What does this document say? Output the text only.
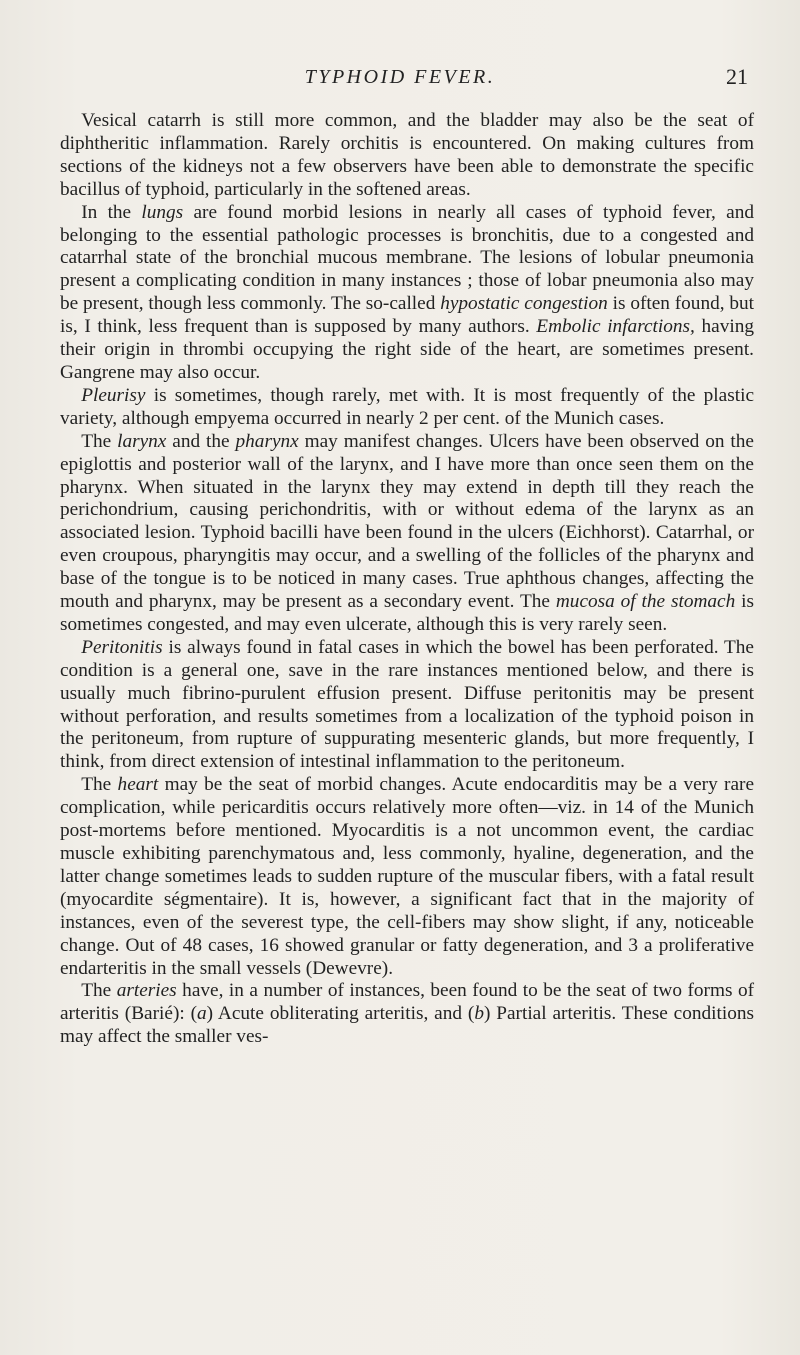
TYPHOID FEVER.	21

Vesical catarrh is still more common, and the bladder may also be the seat of diphtheritic inflammation. Rarely orchitis is encountered. On making cultures from sections of the kidneys not a few observers have been able to demonstrate the specific bacillus of typhoid, particularly in the softened areas.

In the lungs are found morbid lesions in nearly all cases of typhoid fever, and belonging to the essential pathologic processes is bronchitis, due to a congested and catarrhal state of the bronchial mucous membrane. The lesions of lobular pneumonia present a complicating condition in many instances ; those of lobar pneumonia also may be present, though less commonly. The so-called hypostatic congestion is often found, but is, I think, less frequent than is supposed by many authors. Embolic infarctions, having their origin in thrombi occupying the right side of the heart, are sometimes present. Gangrene may also occur.

Pleurisy is sometimes, though rarely, met with. It is most frequently of the plastic variety, although empyema occurred in nearly 2 per cent. of the Munich cases.

The larynx and the pharynx may manifest changes. Ulcers have been observed on the epiglottis and posterior wall of the larynx, and I have more than once seen them on the pharynx. When situated in the larynx they may extend in depth till they reach the perichondrium, causing perichondritis, with or without edema of the larynx as an associated lesion. Typhoid bacilli have been found in the ulcers (Eichhorst). Catarrhal, or even croupous, pharyngitis may occur, and a swelling of the follicles of the pharynx and base of the tongue is to be noticed in many cases. True aphthous changes, affecting the mouth and pharynx, may be present as a secondary event. The mucosa of the stomach is sometimes congested, and may even ulcerate, although this is very rarely seen.

Peritonitis is always found in fatal cases in which the bowel has been perforated. The condition is a general one, save in the rare instances mentioned below, and there is usually much fibrino-purulent effusion present. Diffuse peritonitis may be present without perforation, and results sometimes from a localization of the typhoid poison in the peritoneum, from rupture of suppurating mesenteric glands, but more frequently, I think, from direct extension of intestinal inflammation to the peritoneum.

The heart may be the seat of morbid changes. Acute endocarditis may be a very rare complication, while pericarditis occurs relatively more often—viz. in 14 of the Munich post-mortems before mentioned. Myocarditis is a not uncommon event, the cardiac muscle exhibiting parenchymatous and, less commonly, hyaline, degeneration, and the latter change sometimes leads to sudden rupture of the muscular fibers, with a fatal result (myocardite ségmentaire). It is, however, a significant fact that in the majority of instances, even of the severest type, the cell-fibers may show slight, if any, noticeable change. Out of 48 cases, 16 showed granular or fatty degeneration, and 3 a proliferative endarteritis in the small vessels (Dewevre).

The arteries have, in a number of instances, been found to be the seat of two forms of arteritis (Barié): (a) Acute obliterating arteritis, and (b) Partial arteritis. These conditions may affect the smaller ves-
